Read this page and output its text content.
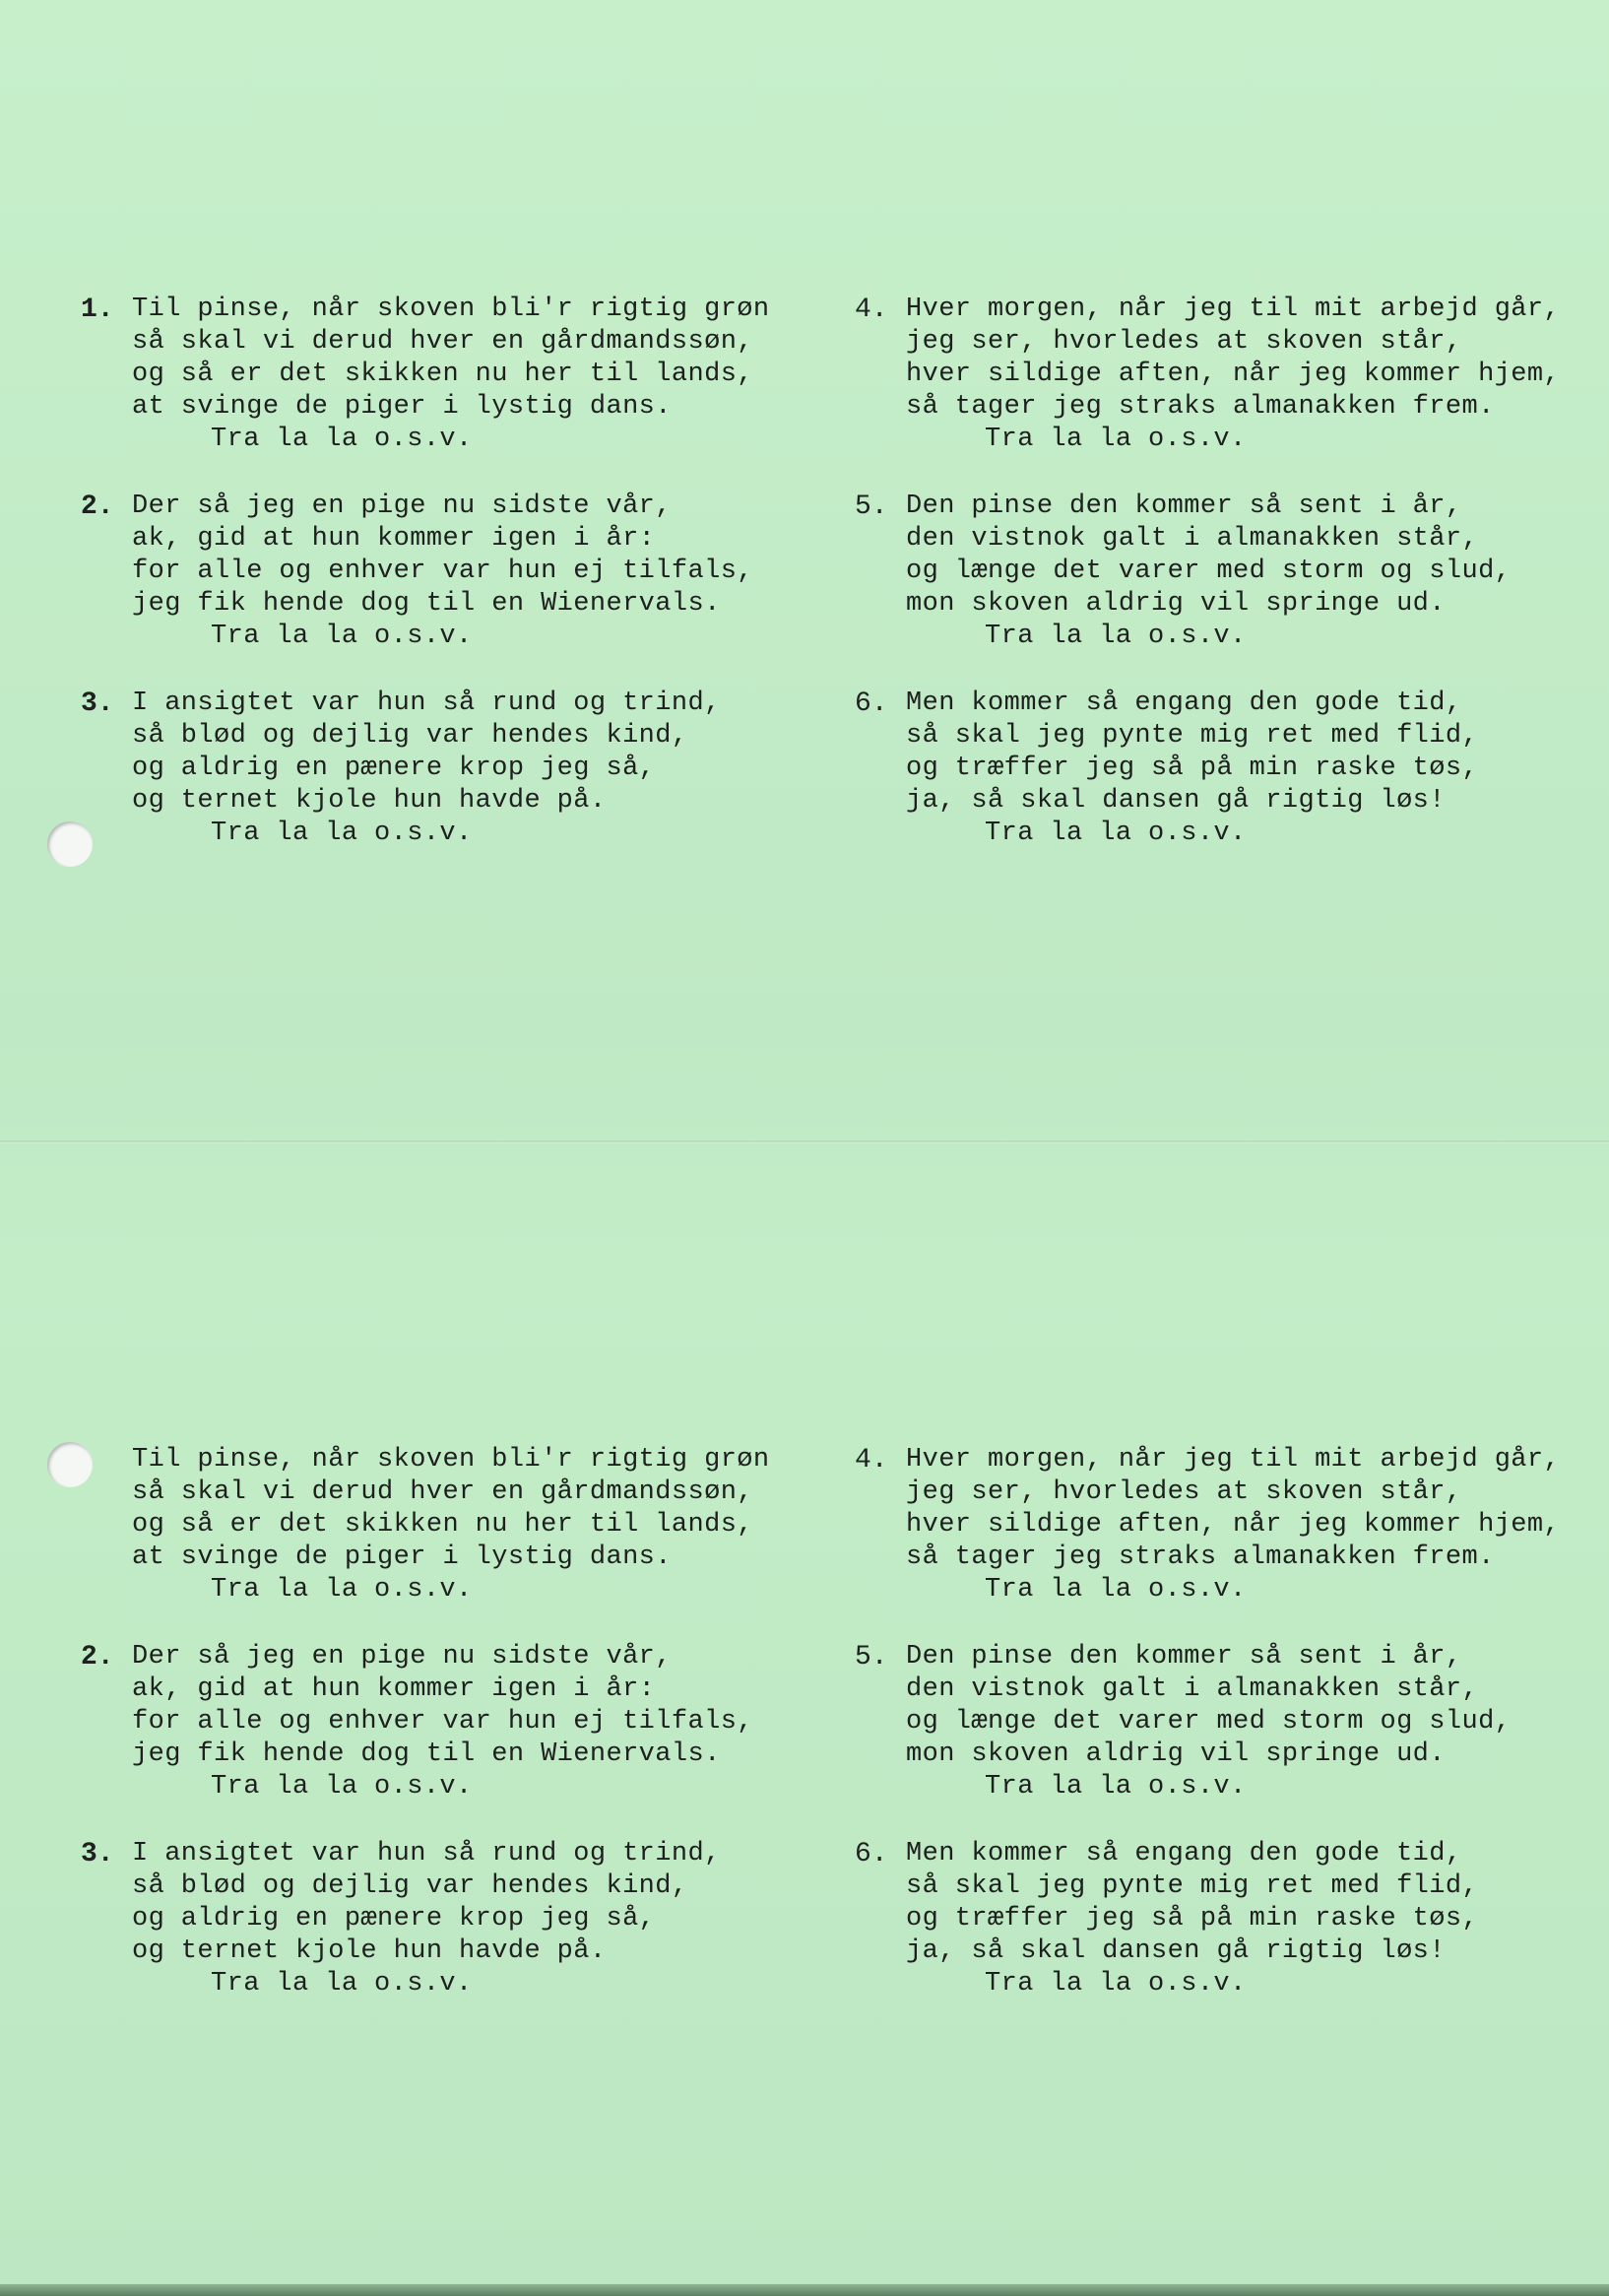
1. Til pinse, når skoven bli'r rigtig grøn
så skal vi derud hver en gårdmandssøn,
og så er det skikken nu her til lands,
at svinge de piger i lystig dans.
Tra la la o.s.v.
2. Der så jeg en pige nu sidste vår,
ak, gid at hun kommer igen i år:
for alle og enhver var hun ej tilfals,
jeg fik hende dog til en Wienervals.
Tra la la o.s.v.
3. I ansigtet var hun så rund og trind,
så blød og dejlig var hendes kind,
og aldrig en pænere krop jeg så,
og ternet kjole hun havde på.
Tra la la o.s.v.
4. Hver morgen, når jeg til mit arbejd går,
jeg ser, hvorledes at skoven står,
hver sildige aften, når jeg kommer hjem,
så tager jeg straks almanakken frem.
Tra la la o.s.v.
5. Den pinse den kommer så sent i år,
den vistnok galt i almanakken står,
og længe det varer med storm og slud,
mon skoven aldrig vil springe ud.
Tra la la o.s.v.
6. Men kommer så engang den gode tid,
så skal jeg pynte mig ret med flid,
og træffer jeg så på min raske tøs,
ja, så skal dansen gå rigtig løs!
Tra la la o.s.v.
Til pinse, når skoven bli'r rigtig grøn
så skal vi derud hver en gårdmandssøn,
og så er det skikken nu her til lands,
at svinge de piger i lystig dans.
Tra la la o.s.v.
2. Der så jeg en pige nu sidste vår,
ak, gid at hun kommer igen i år:
for alle og enhver var hun ej tilfals,
jeg fik hende dog til en Wienervals.
Tra la la o.s.v.
3. I ansigtet var hun så rund og trind,
så blød og dejlig var hendes kind,
og aldrig en pænere krop jeg så,
og ternet kjole hun havde på.
Tra la la o.s.v.
4. Hver morgen, når jeg til mit arbejd går,
jeg ser, hvorledes at skoven står,
hver sildige aften, når jeg kommer hjem,
så tager jeg straks almanakken frem.
Tra la la o.s.v.
5. Den pinse den kommer så sent i år,
den vistnok galt i almanakken står,
og længe det varer med storm og slud,
mon skoven aldrig vil springe ud.
Tra la la o.s.v.
6. Men kommer så engang den gode tid,
så skal jeg pynte mig ret med flid,
og træffer jeg så på min raske tøs,
ja, så skal dansen gå rigtig løs!
Tra la la o.s.v.
